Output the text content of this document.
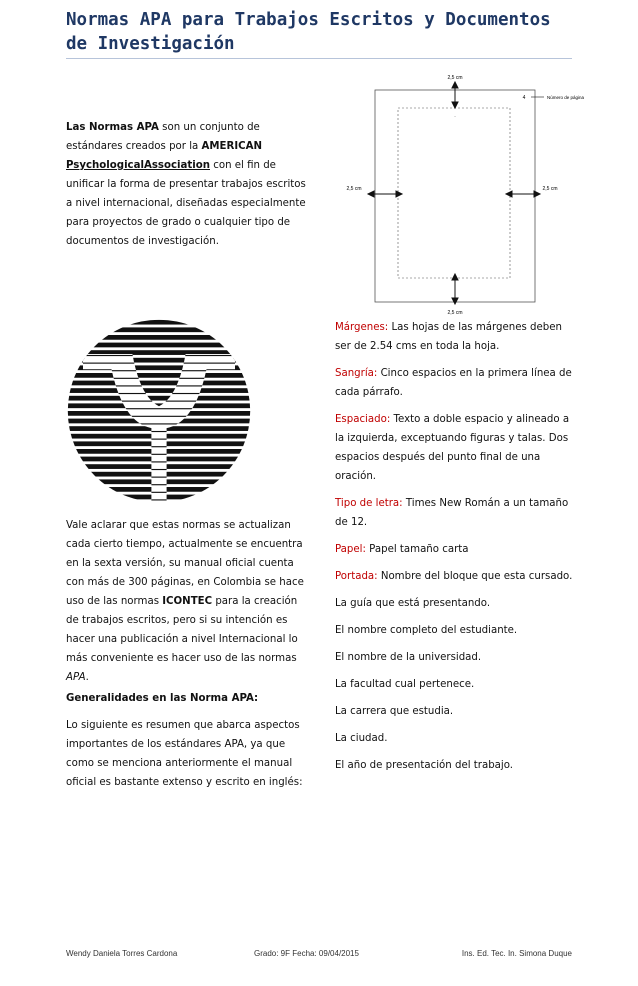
Normas APA para Trabajos Escritos y Documentos de Investigación

Las Normas APA son un conjunto de estándares creados por la AMERICAN PsychologicalAssociation con el fin de unificar la forma de presentar trabajos escritos a nivel internacional, diseñadas especialmente para proyectos de grado o cualquier tipo de documentos de investigación.

2,5 cm
2,5 cm	2,5 cm
2,5 cm
4	Número de página
·

Márgenes: Las hojas de las márgenes deben ser de 2.54 cms en toda la hoja.

Sangría: Cinco espacios en la primera línea de cada párrafo.

Espaciado: Texto a doble espacio y alineado a la izquierda, exceptuando figuras y talas. Dos espacios después del punto final de una oración.

Tipo de letra: Times New Román a un tamaño de 12.

Papel: Papel tamaño carta

Portada: Nombre del bloque que esta cursado.

La guía que está presentando.

El nombre completo del estudiante.

El nombre de la universidad.

La facultad cual pertenece.

La carrera que estudia.

La ciudad.

El año de presentación del trabajo.

Vale aclarar que estas normas se actualizan cada cierto tiempo, actualmente se encuentra en la sexta versión, su manual oficial cuenta con más de 300 páginas, en Colombia se hace uso de las normas ICONTEC para la creación de trabajos escritos, pero si su intención es hacer una publicación a nivel Internacional lo más conveniente es hacer uso de las normas APA.

Generalidades en las Norma APA:
Lo siguiente es resumen que abarca aspectos importantes de los estándares APA, ya que como se menciona anteriormente el manual oficial es bastante extenso y escrito en inglés:
Wendy Daniela Torres Cardona	Grado: 9F Fecha: 09/04/2015	Ins. Ed. Tec. In. Simona Duque
